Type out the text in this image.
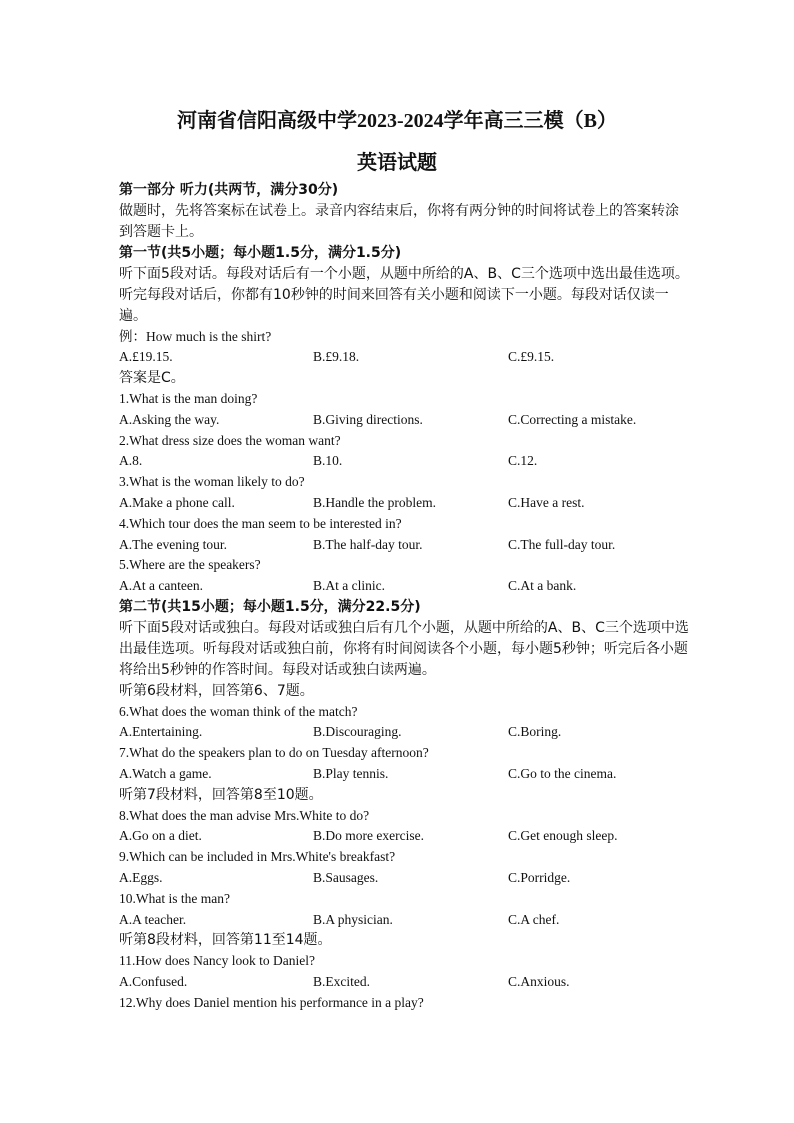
河南省信阳高级中学2023-2024学年高三三模（B）
英语试题
第一部分 听力(共两节，满分30分)
做题时，先将答案标在试卷上。录音内容结束后，你将有两分钟的时间将试卷上的答案转涂到答题卡上。
第一节(共5小题；每小题1.5分，满分1.5分)
听下面5段对话。每段对话后有一个小题，从题中所给的A、B、C三个选项中选出最佳选项。听完每段对话后，你都有10秒钟的时间来回答有关小题和阅读下一小题。每段对话仅读一遍。
例：How much is the shirt?
A.£19.15.	B.£9.18.	C.£9.15.
答案是C。
1.What is the man doing?
A.Asking the way.	B.Giving directions.	C.Correcting a mistake.
2.What dress size does the woman want?
A.8.	B.10.	C.12.
3.What is the woman likely to do?
A.Make a phone call.	B.Handle the problem.	C.Have a rest.
4.Which tour does the man seem to be interested in?
A.The evening tour.	B.The half-day tour.	C.The full-day tour.
5.Where are the speakers?
A.At a canteen.	B.At a clinic.	C.At a bank.
第二节(共15小题；每小题1.5分，满分22.5分)
听下面5段对话或独白。每段对话或独白后有几个小题，从题中所给的A、B、C三个选项中选出最佳选项。听每段对话或独白前，你将有时间阅读各个小题，每小题5秒钟；听完后各小题将给出5秒钟的作答时间。每段对话或独白读两遍。
听第6段材料，回答第6、7题。
6.What does the woman think of the match?
A.Entertaining.	B.Discouraging.	C.Boring.
7.What do the speakers plan to do on Tuesday afternoon?
A.Watch a game.	B.Play tennis.	C.Go to the cinema.
听第7段材料，回答第8至10题。
8.What does the man advise Mrs.White to do?
A.Go on a diet.	B.Do more exercise.	C.Get enough sleep.
9.Which can be included in Mrs.White's breakfast?
A.Eggs.	B.Sausages.	C.Porridge.
10.What is the man?
A.A teacher.	B.A physician.	C.A chef.
听第8段材料，回答第11至14题。
11.How does Nancy look to Daniel?
A.Confused.	B.Excited.	C.Anxious.
12.Why does Daniel mention his performance in a play?
